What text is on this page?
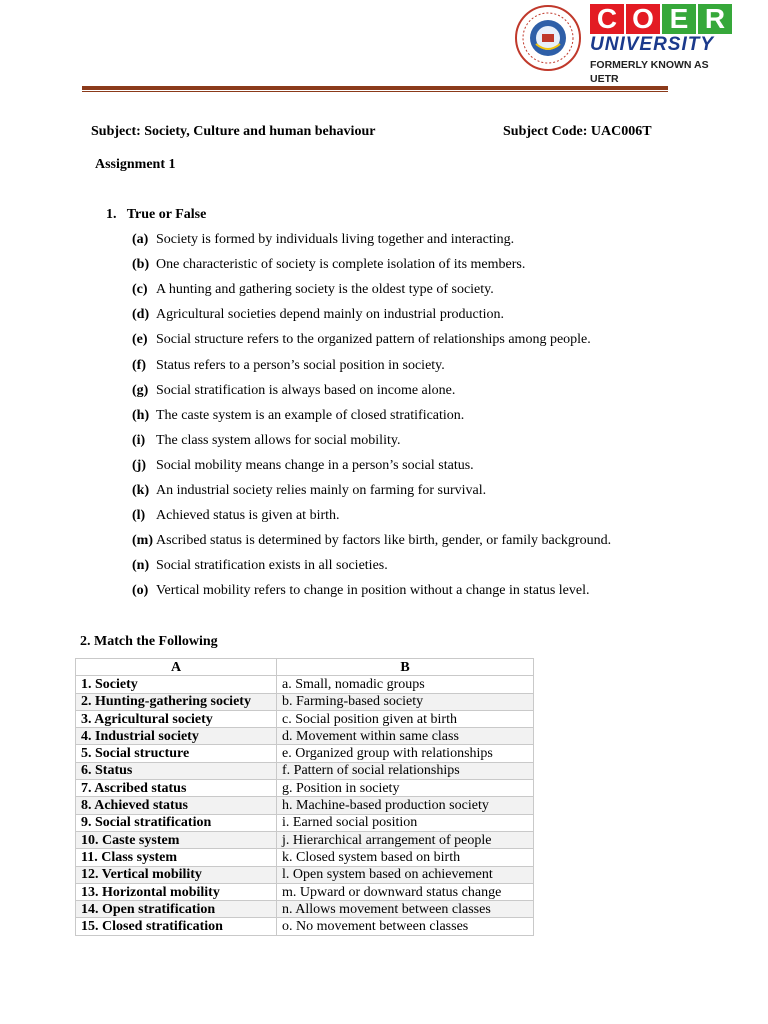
C O E R
UNIVERSITY
FORMERLY KNOWN AS UETR
Subject: Society, Culture and human behaviour	Subject Code: UAC006T
Assignment 1
1.   True or False
(a) Society is formed by individuals living together and interacting.
(b) One characteristic of society is complete isolation of its members.
(c) A hunting and gathering society is the oldest type of society.
(d) Agricultural societies depend mainly on industrial production.
(e) Social structure refers to the organized pattern of relationships among people.
(f) Status refers to a person’s social position in society.
(g) Social stratification is always based on income alone.
(h) The caste system is an example of closed stratification.
(i) The class system allows for social mobility.
(j) Social mobility means change in a person’s social status.
(k) An industrial society relies mainly on farming for survival.
(l) Achieved status is given at birth.
(m) Ascribed status is determined by factors like birth, gender, or family background.
(n) Social stratification exists in all societies.
(o) Vertical mobility refers to change in position without a change in status level.
2. Match the Following
A	B
1. Society	a. Small, nomadic groups
2. Hunting-gathering society	b. Farming-based society
3. Agricultural society	c. Social position given at birth
4. Industrial society	d. Movement within same class
5. Social structure	e. Organized group with relationships
6. Status	f. Pattern of social relationships
7. Ascribed status	g. Position in society
8. Achieved status	h. Machine-based production society
9. Social stratification	i. Earned social position
10. Caste system	j. Hierarchical arrangement of people
11. Class system	k. Closed system based on birth
12. Vertical mobility	l. Open system based on achievement
13. Horizontal mobility	m. Upward or downward status change
14. Open stratification	n. Allows movement between classes
15. Closed stratification	o. No movement between classes
